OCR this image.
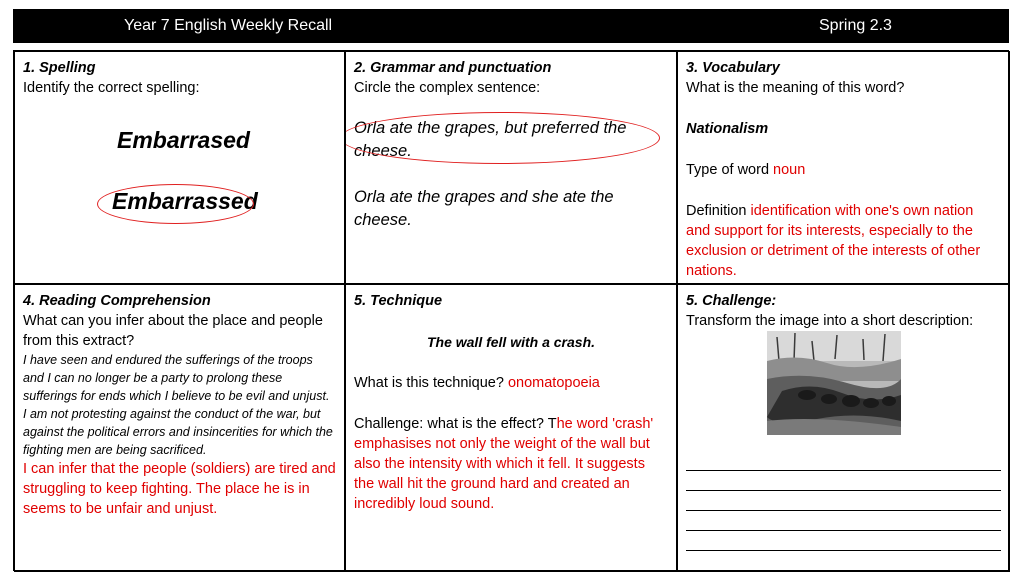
Year 7 English Weekly Recall	Spring 2.3
1. Spelling
Identify the correct spelling:
Embarrased
Embarrassed
2. Grammar and punctuation
Circle the complex sentence:
Orla ate the grapes, but preferred the cheese.
Orla ate the grapes and she ate the cheese.
3. Vocabulary
What is the meaning of this word?
Nationalism
Type of word noun
Definition identification with one's own nation and support for its interests, especially to the exclusion or detriment of the interests of other nations.
4. Reading Comprehension
What can you infer about the place and people from this extract?
I have seen and endured the sufferings of the troops and I can no longer be a party to prolong these sufferings for ends which I believe to be evil and unjust. I am not protesting against the conduct of the war, but against the political errors and insincerities for which the fighting men are being sacrificed.
I can infer that the people (soldiers) are tired and struggling to keep fighting. The place he is in seems to be unfair and unjust.
5. Technique
The wall fell with a crash.
What is this technique? onomatopoeia
Challenge: what is the effect? The word 'crash' emphasises not only the weight of the wall but also the intensity with which it fell. It suggests the wall hit the ground hard and created an incredibly loud sound.
5. Challenge:
Transform the image into a short description:
